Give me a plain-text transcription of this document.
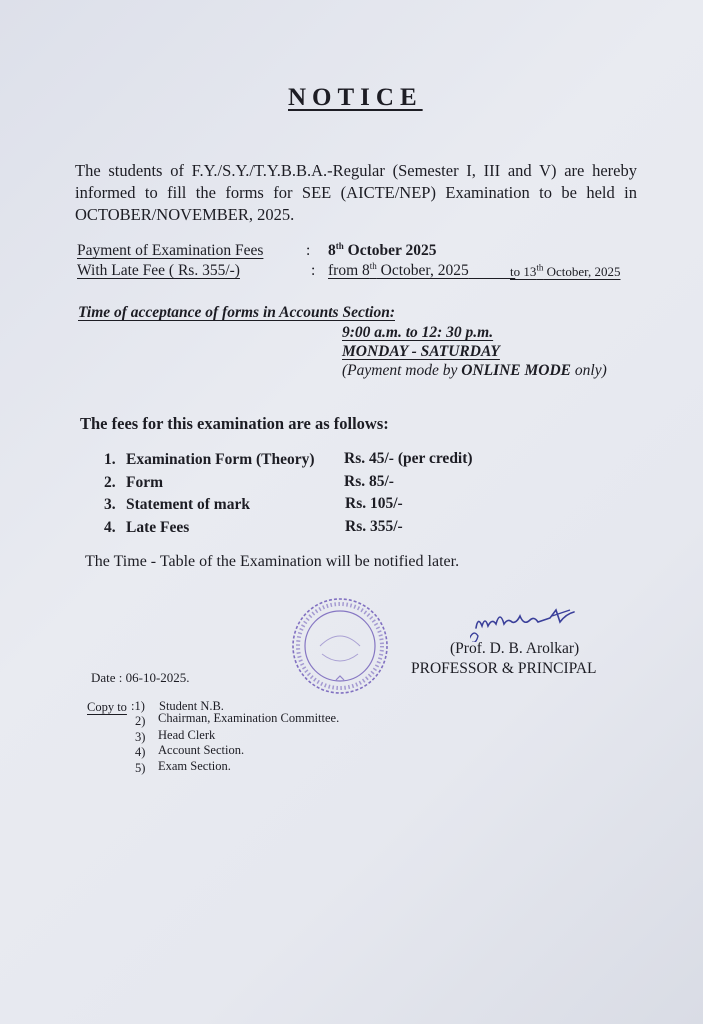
NOTICE
The students of F.Y./S.Y./T.Y.B.B.A.-Regular (Semester I, III and V) are hereby
informed to fill the forms for SEE (AICTE/NEP) Examination to be held in
OCTOBER/NOVEMBER, 2025.
Payment of Examination Fees	: 8th October 2025
With Late Fee ( Rs. 355/-)	: from 8th October, 2025   	to 13th October, 2025
Time of acceptance of forms in Accounts Section:
9:00 a.m. to 12: 30 p.m.
MONDAY - SATURDAY
(Payment mode by ONLINE MODE only)
The fees for this examination are as follows:
1. Examination Form (Theory) Rs. 45/- (per credit)
2. Form	Rs. 85/-
3. Statement of mark	Rs. 105/-
4. Late Fees	Rs. 355/-
The Time - Table of the Examination will be notified later.
(Prof. D. B. Arolkar)
PROFESSOR & PRINCIPAL
Date : 06-10-2025.
Copy to :1) Student N.B.
2) Chairman, Examination Committee.
3) Head Clerk
4) Account Section.
5) Exam Section.
